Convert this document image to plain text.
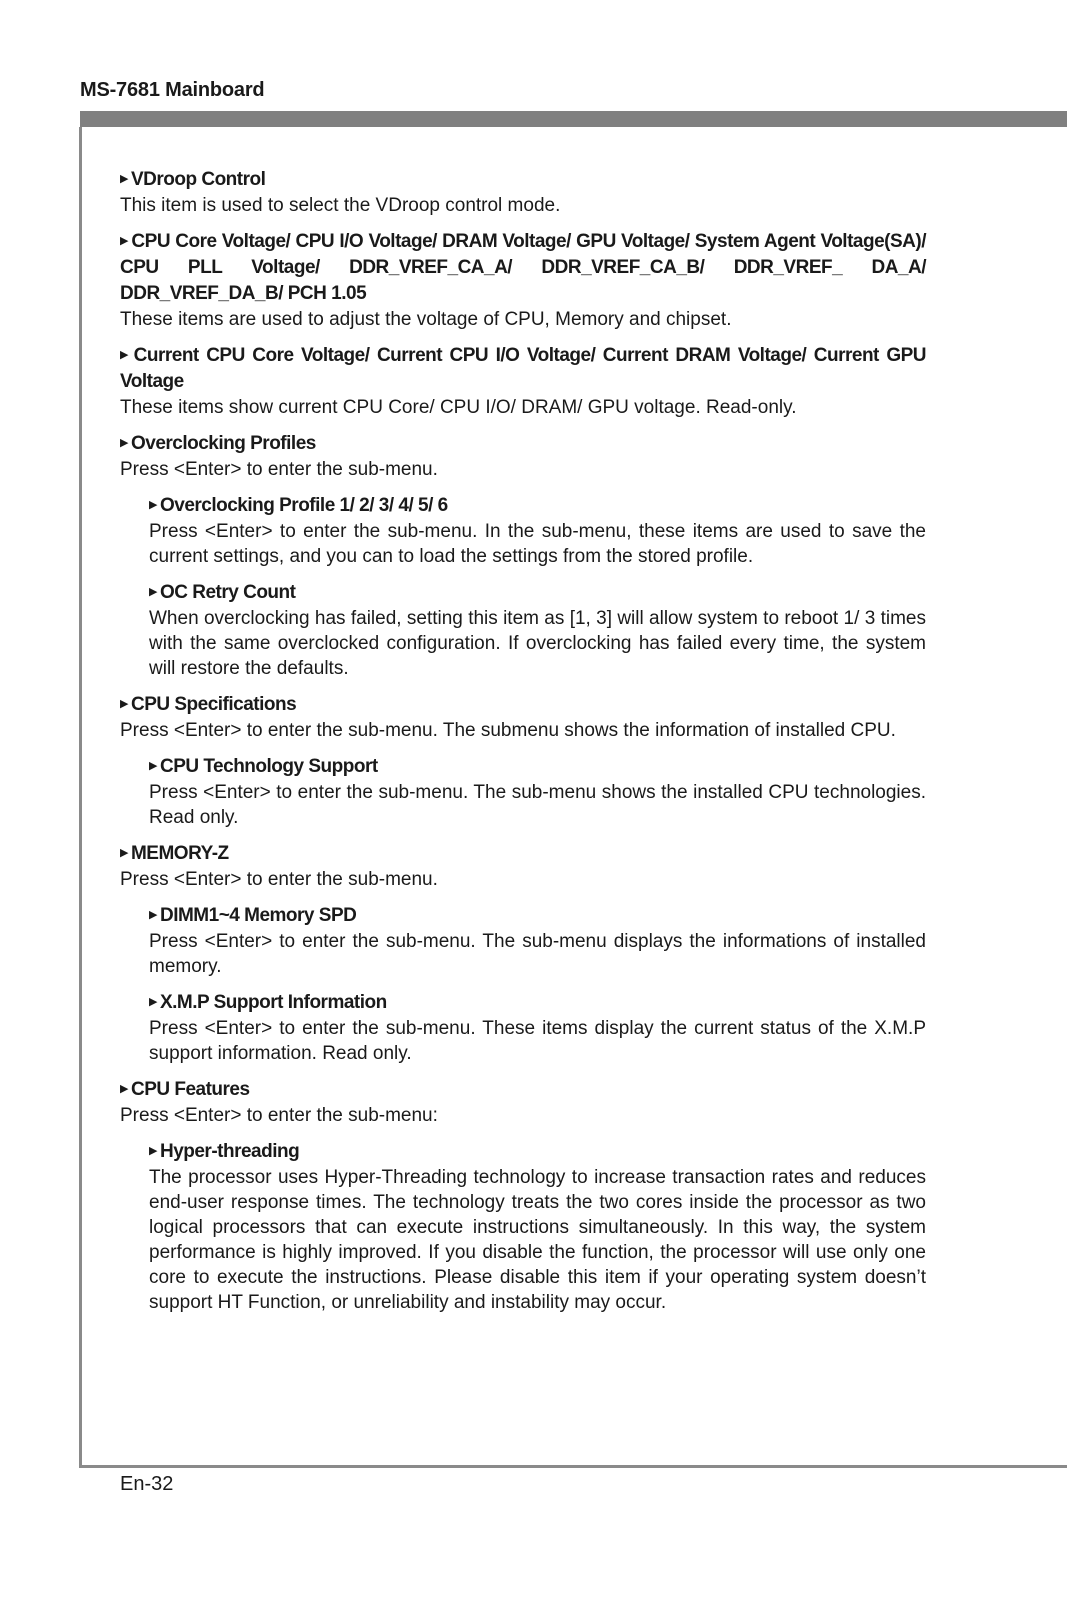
MS-7681 Mainboard
▶ VDroop Control
This item is used to select the VDroop control mode.
▶ CPU Core Voltage/ CPU I/O Voltage/ DRAM Voltage/ GPU Voltage/ System Agent Voltage(SA)/ CPU PLL Voltage/ DDR_VREF_CA_A/ DDR_VREF_CA_B/ DDR_VREF_ DA_A/ DDR_VREF_DA_B/ PCH 1.05
These items are used to adjust the voltage of CPU, Memory and chipset.
▶ Current CPU Core Voltage/ Current CPU I/O Voltage/ Current DRAM Voltage/ Current GPU Voltage
These items show current CPU Core/ CPU I/O/ DRAM/ GPU voltage. Read-only.
▶ Overclocking Profiles
Press <Enter> to enter the sub-menu.
▶ Overclocking Profile 1/ 2/ 3/ 4/ 5/ 6
Press <Enter> to enter the sub-menu. In the sub-menu, these items are used to save the current settings, and you can to load the settings from the stored profile.
▶ OC Retry Count
When overclocking has failed, setting this item as [1, 3] will allow system to reboot 1/ 3 times with the same overclocked configuration. If overclocking has failed every time, the system will restore the defaults.
▶ CPU Specifications
Press <Enter> to enter the sub-menu. The submenu shows the information of installed CPU.
▶ CPU Technology Support
Press <Enter> to enter the sub-menu. The sub-menu shows the installed CPU technologies. Read only.
▶ MEMORY-Z
Press <Enter> to enter the sub-menu.
▶ DIMM1~4 Memory SPD
Press <Enter> to enter the sub-menu. The sub-menu displays the informations of installed memory.
▶ X.M.P Support Information
Press <Enter> to enter the sub-menu. These items display the current status of the X.M.P support information. Read only.
▶ CPU Features
Press <Enter> to enter the sub-menu:
▶ Hyper-threading
The processor uses Hyper-Threading technology to increase transaction rates and reduces end-user response times. The technology treats the two cores inside the processor as two logical processors that can execute instructions simultaneously. In this way, the system performance is highly improved. If you disable the function, the processor will use only one core to execute the instructions. Please disable this item if your operating system doesn’t support HT Function, or unreliability and instability may occur.
En-32
